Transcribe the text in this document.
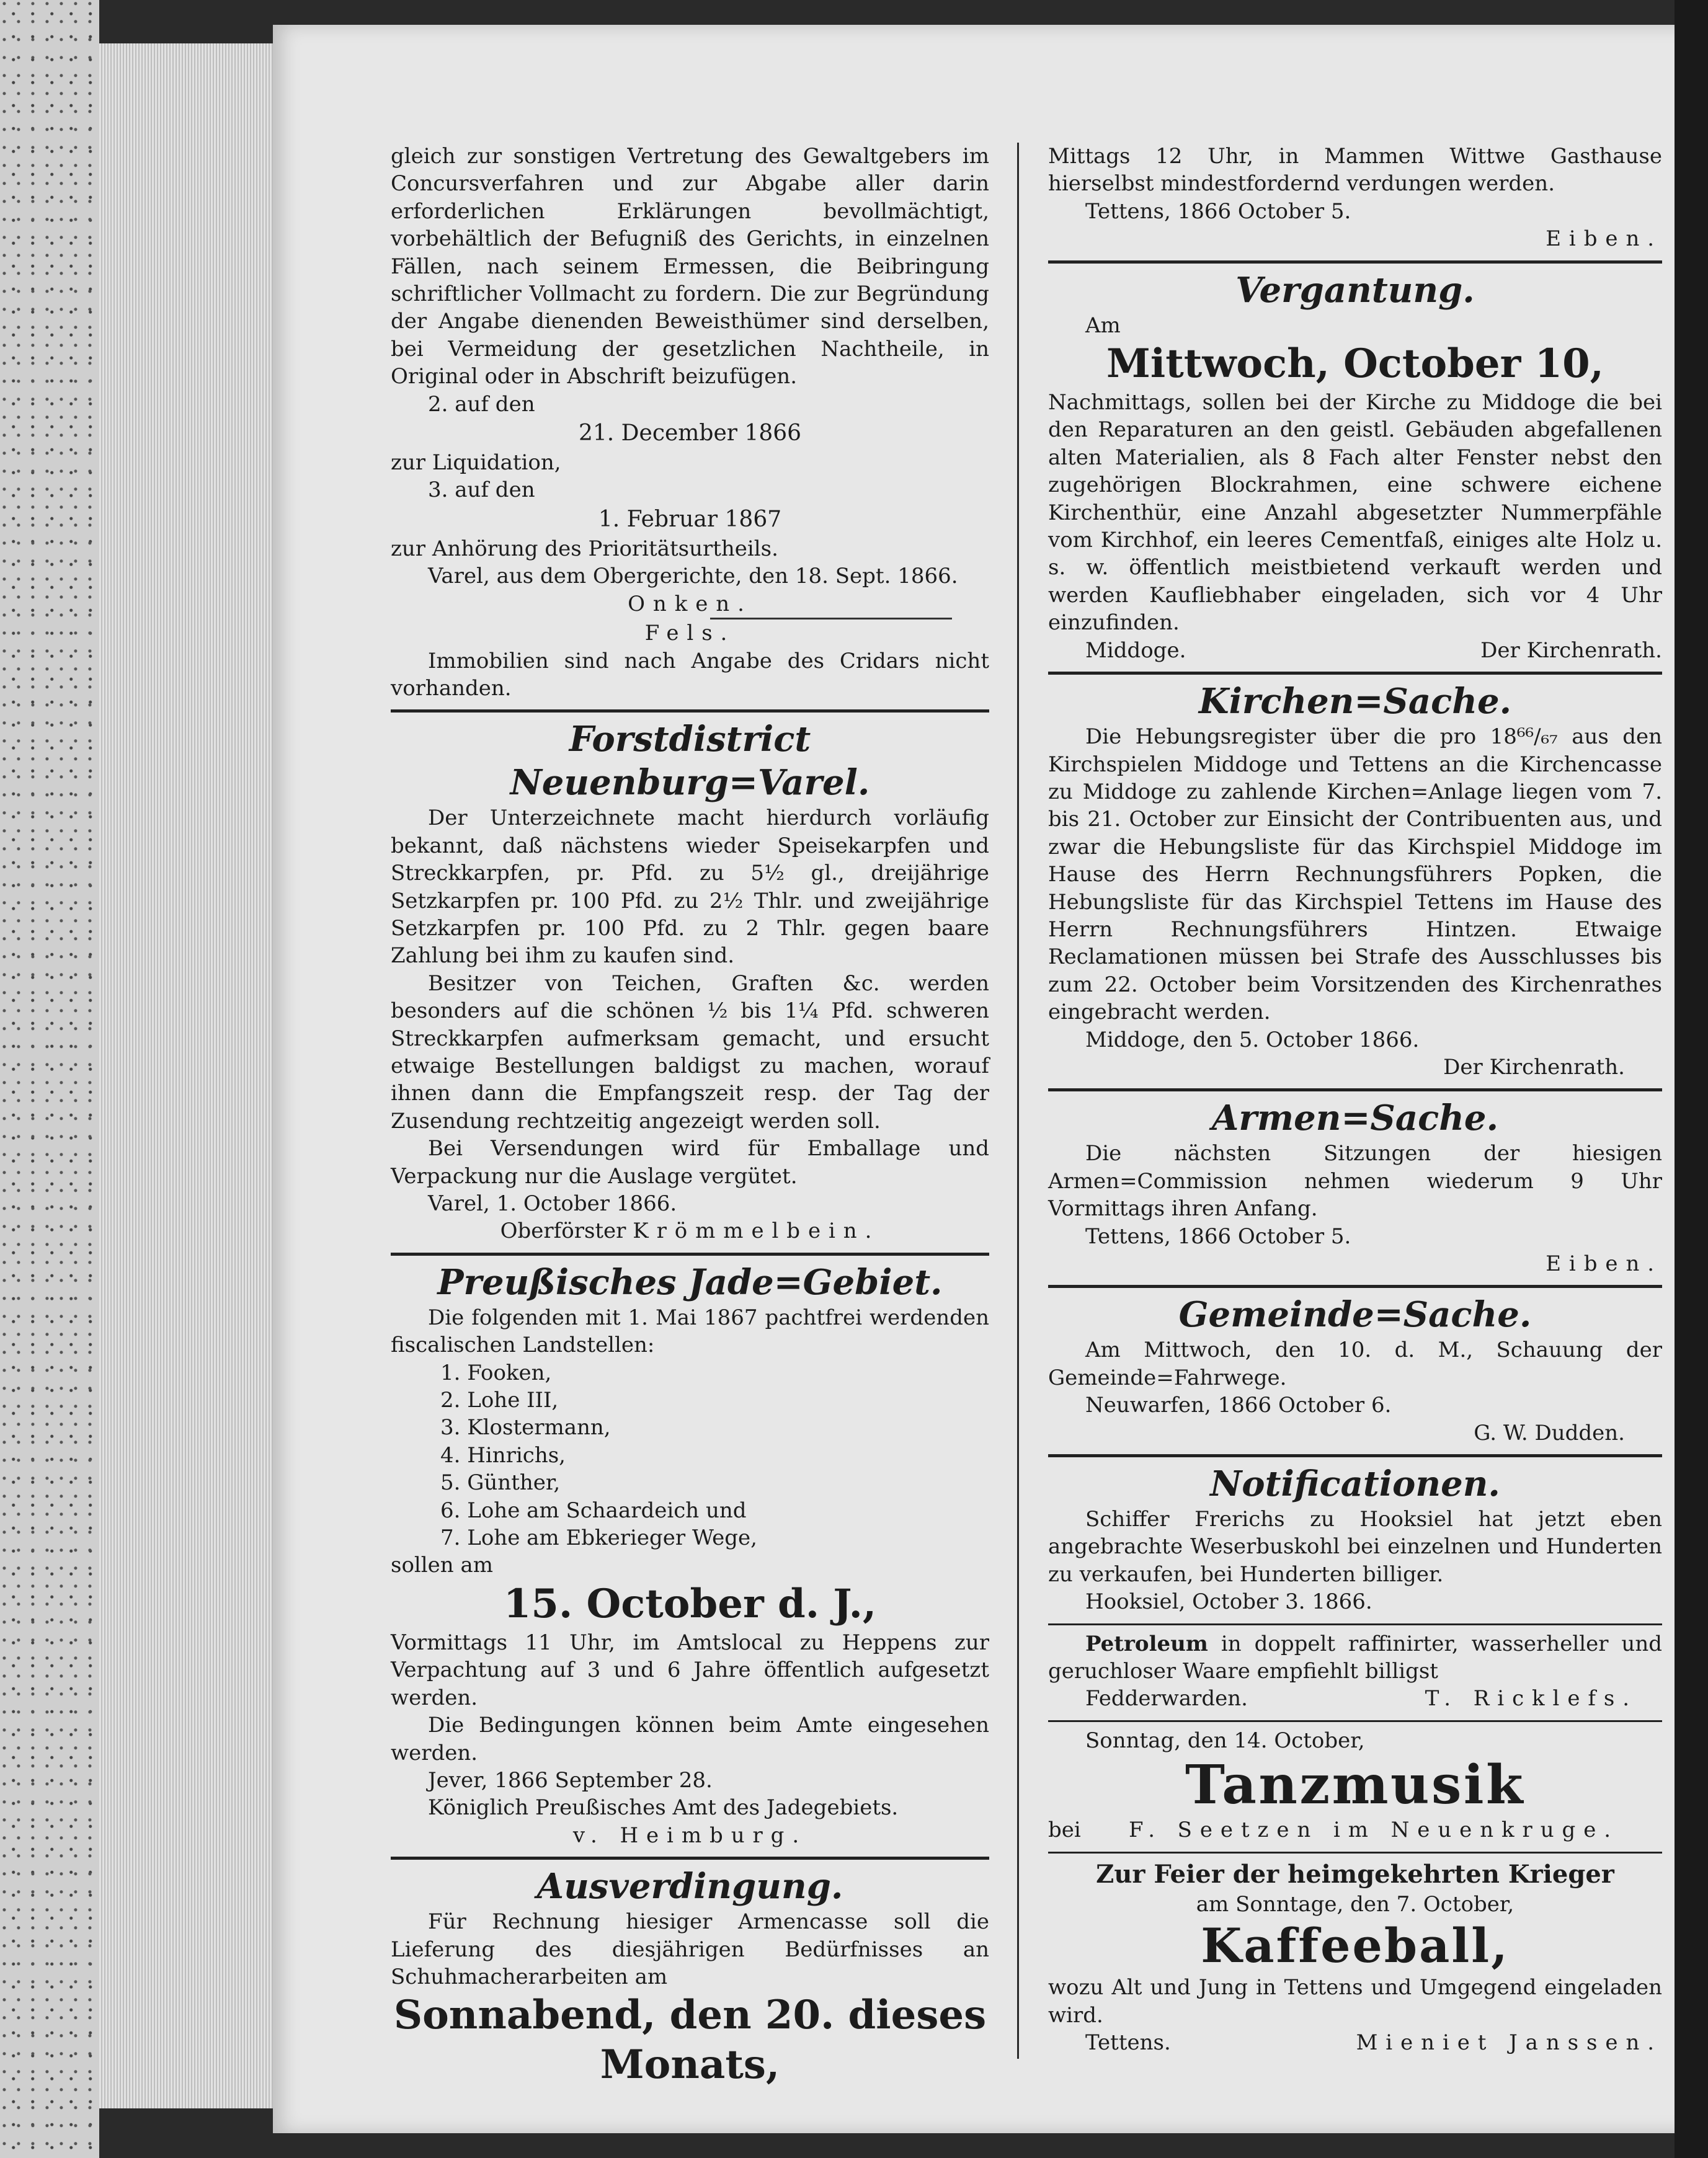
gleich zur sonstigen Vertretung des Gewaltgebers im Concursverfahren und zur Abgabe aller darin erforderlichen Erklärungen bevollmächtigt, vorbehältlich der Befugniß des Gerichts, in einzelnen Fällen, nach seinem Ermessen, die Beibringung schriftlicher Vollmacht zu fordern. Die zur Begründung der Angabe dienenden Beweisthümer sind derselben, bei Vermeidung der gesetzlichen Nachtheile, in Original oder in Abschrift beizufügen.

2. auf den

21. December 1866

zur Liquidation,

3. auf den

1. Februar 1867

zur Anhörung des Prioritätsurtheils.

Varel, aus dem Obergerichte, den 18. Sept. 1866.

Onken.

Fels.

Immobilien sind nach Angabe des Cridars nicht vorhanden.

Forstdistrict Neuenburg=Varel.

Der Unterzeichnete macht hierdurch vorläufig bekannt, daß nächstens wieder Speisekarpfen und Streckkarpfen, pr. Pfd. zu 5½ gl., dreijährige Setzkarpfen pr. 100 Pfd. zu 2½ Thlr. und zweijährige Setzkarpfen pr. 100 Pfd. zu 2 Thlr. gegen baare Zahlung bei ihm zu kaufen sind.

Besitzer von Teichen, Graften &c. werden besonders auf die schönen ½ bis 1¼ Pfd. schweren Streckkarpfen aufmerksam gemacht, und ersucht etwaige Bestellungen baldigst zu machen, worauf ihnen dann die Empfangszeit resp. der Tag der Zusendung rechtzeitig angezeigt werden soll.

Bei Versendungen wird für Emballage und Verpackung nur die Auslage vergütet.

Varel, 1. October 1866.

Oberförster Krömmelbein.

Preußisches Jade=Gebiet.

Die folgenden mit 1. Mai 1867 pachtfrei werdenden fiscalischen Landstellen:

1. Fooken,

2. Lohe III,

3. Klostermann,

4. Hinrichs,

5. Günther,

6. Lohe am Schaardeich und

7. Lohe am Ebkerieger Wege,

sollen am

15. October d. J.,

Vormittags 11 Uhr, im Amtslocal zu Heppens zur Verpachtung auf 3 und 6 Jahre öffentlich aufgesetzt werden.

Die Bedingungen können beim Amte eingesehen werden.

Jever, 1866 September 28.

Königlich Preußisches Amt des Jadegebiets.

v. Heimburg.

Ausverdingung.

Für Rechnung hiesiger Armencasse soll die Lieferung des diesjährigen Bedürfnisses an Schuhmacherarbeiten am

Sonnabend, den 20. dieses Monats,

Mittags 12 Uhr, in Mammen Wittwe Gasthause hierselbst mindestfordernd verdungen werden.

Tettens, 1866 October 5.

Eiben.

Vergantung.

Am

Mittwoch, October 10,

Nachmittags, sollen bei der Kirche zu Middoge die bei den Reparaturen an den geistl. Gebäuden abgefallenen alten Materialien, als 8 Fach alter Fenster nebst den zugehörigen Blockrahmen, eine schwere eichene Kirchenthür, eine Anzahl abgesetzter Nummerpfähle vom Kirchhof, ein leeres Cementfaß, einiges alte Holz u. s. w. öffentlich meistbietend verkauft werden und werden Kaufliebhaber eingeladen, sich vor 4 Uhr einzufinden.

Middoge.	Der Kirchenrath.

Kirchen=Sache.

Die Hebungsregister über die pro 18⁶⁶/₆₇ aus den Kirchspielen Middoge und Tettens an die Kirchencasse zu Middoge zu zahlende Kirchen=Anlage liegen vom 7. bis 21. October zur Einsicht der Contribuenten aus, und zwar die Hebungsliste für das Kirchspiel Middoge im Hause des Herrn Rechnungsführers Popken, die Hebungsliste für das Kirchspiel Tettens im Hause des Herrn Rechnungsführers Hintzen. Etwaige Reclamationen müssen bei Strafe des Ausschlusses bis zum 22. October beim Vorsitzenden des Kirchenrathes eingebracht werden.

Middoge, den 5. October 1866.

Der Kirchenrath.

Armen=Sache.

Die nächsten Sitzungen der hiesigen Armen=Commission nehmen wiederum 9 Uhr Vormittags ihren Anfang.

Tettens, 1866 October 5.

Eiben.

Gemeinde=Sache.

Am Mittwoch, den 10. d. M., Schauung der Gemeinde=Fahrwege.

Neuwarfen, 1866 October 6.

G. W. Dudden.

Notificationen.

Schiffer Frerichs zu Hooksiel hat jetzt eben angebrachte Weserbuskohl bei einzelnen und Hunderten zu verkaufen, bei Hunderten billiger.

Hooksiel, October 3. 1866.

Petroleum in doppelt raffinirter, wasserheller und geruchloser Waare empfiehlt billigst

Fedderwarden.	T. Ricklefs.

Sonntag, den 14. October,

Tanzmusik

bei F. Seetzen im Neuenkruge.

Zur Feier der heimgekehrten Krieger

am Sonntage, den 7. October,

Kaffeeball,

wozu Alt und Jung in Tettens und Umgegend eingeladen wird.

Tettens.	Mieniet Janssen.
